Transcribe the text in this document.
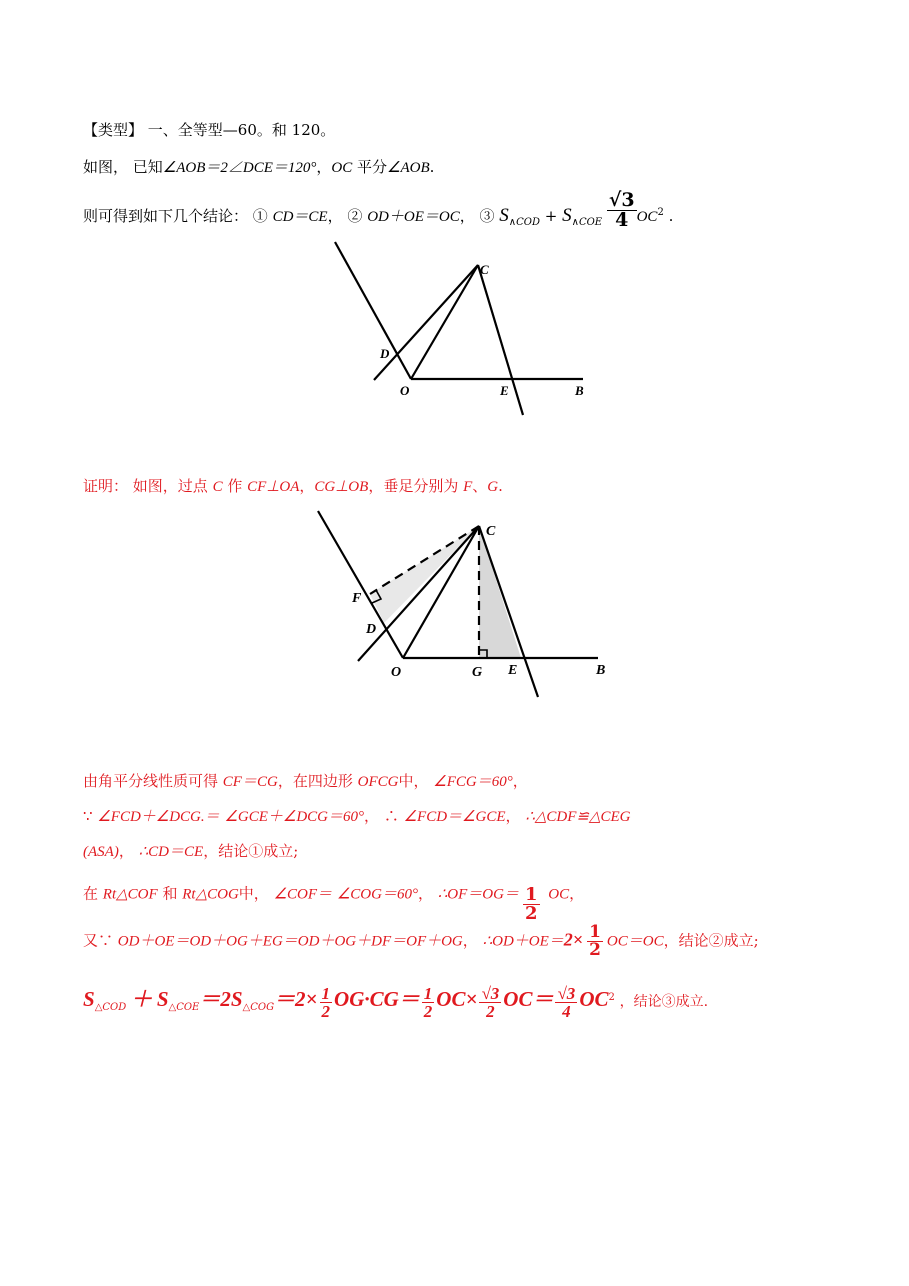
【类型】 一、全等型—60。和 120。
如图， 已知∠AOB＝2∠DCE＝120°，OC 平分∠AOB.
则可得到如下几个结论： ① CD＝CE， ② OD＋OE＝OC， ③ $S_{\wedge COD} + S_{\wedge COE} \frac{√3}{4} OC^2$ .
C
D
O	E	B
证明： 如图，过点 C 作 CF⊥OA，CG⊥OB，垂足分别为 F、G.
C
F
D
O	G E	B
由角平分线性质可得 CF＝CG，在四边形 OFCG中， ∠FCG＝60°，
∵ ∠FCD＋∠DCG.＝ ∠GCE＋∠DCG＝60°， ∴ ∠FCD＝∠GCE， ∴△CDF≌△CEG
(ASA)， ∴CD＝CE，结论①成立;
在 Rt△COF 和 Rt△COG中， ∠COF＝ ∠COG＝60°， ∴OF＝OG＝ $\frac{1}{2}$ OC，
又∵ OD＋OE＝OD＋OG＋EG＝OD＋OG＋DF＝OF＋OG， ∴OD＋OE＝2× $\frac{1}{2} OC=OC$，结论②成立;
$S_{\triangle COD} + S_{\triangle COE}=2S_{\triangle COG}=2\times \frac{1}{2} OG\cdot CG= \frac{1}{2} OC\times \frac{√3}{2} OC= \frac{√3}{4} OC^2$ ，结论③成立.
